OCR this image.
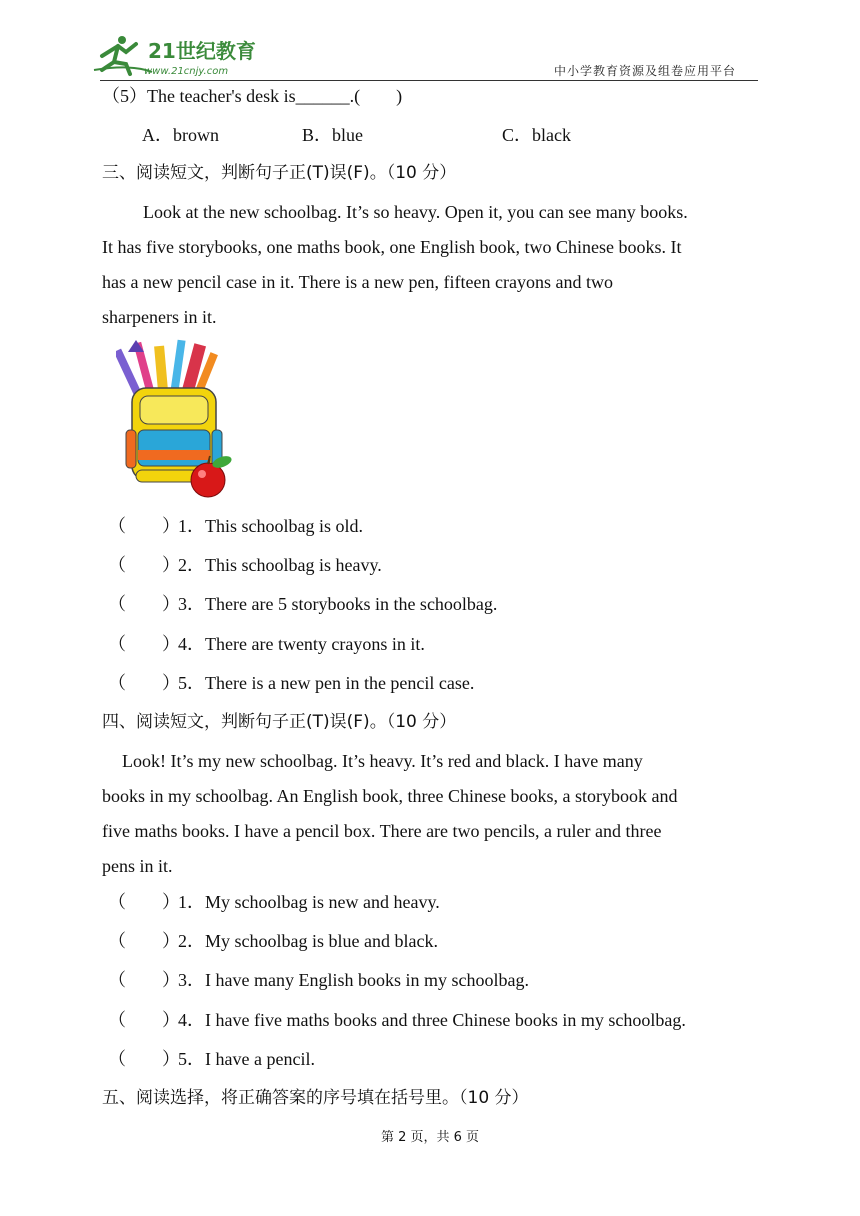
21世纪教育
www.21cnjy.com	中小学教育资源及组卷应用平台
（5）The teacher's desk is______.(　　)
A．brown	B．blue	C．black
三、阅读短文，判断句子正(T)误(F)。（10 分）
Look at the new schoolbag. It’s so heavy. Open it, you can see many books.
It has five storybooks, one maths book, one English book, two Chinese books. It
has a new pencil case in it. There is a new pen, fifteen crayons and two
sharpeners in it.
（　　）1．This schoolbag is old.
（　　）2．This schoolbag is heavy.
（　　）3．There are 5 storybooks in the schoolbag.
（　　）4．There are twenty crayons in it.
（　　）5．There is a new pen in the pencil case.
四、阅读短文，判断句子正(T)误(F)。（10 分）
Look! It’s my new schoolbag. It’s heavy. It’s red and black. I have many
books in my schoolbag. An English book, three Chinese books, a storybook and
five maths books. I have a pencil box. There are two pencils, a ruler and three
pens in it.
（　　）1．My schoolbag is new and heavy.
（　　）2．My schoolbag is blue and black.
（　　）3．I have many English books in my schoolbag.
（　　）4．I have five maths books and three Chinese books in my schoolbag.
（　　）5．I have a pencil.
五、阅读选择，将正确答案的序号填在括号里。（10 分）
第 2 页，共 6 页
